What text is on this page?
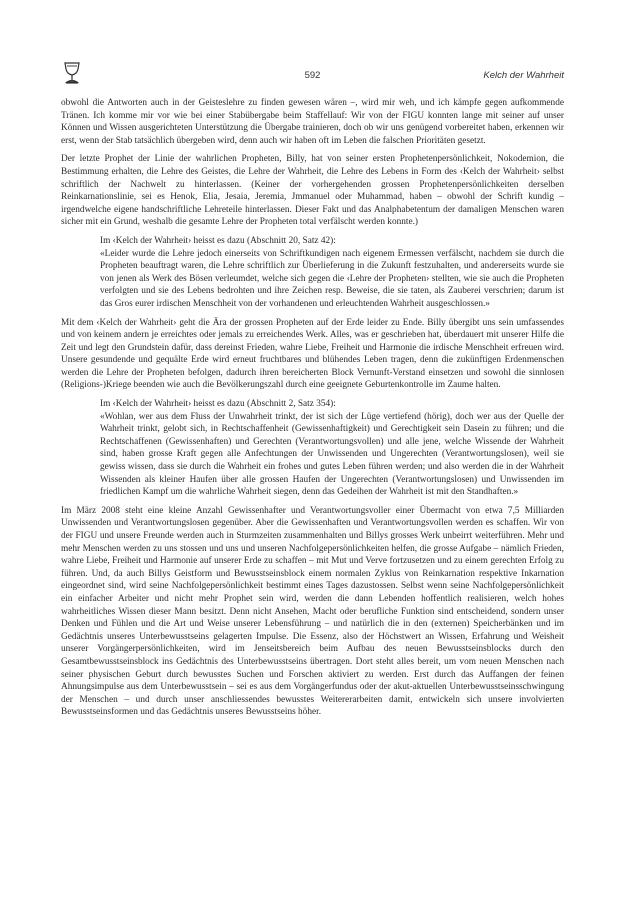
592	Kelch der Wahrheit

obwohl die Antworten auch in der Geisteslehre zu finden gewesen wären –, wird mir weh, und ich kämpfe gegen aufkommende Tränen. Ich komme mir vor wie bei einer Stabübergabe beim Staffellauf: Wir von der FIGU konnten lange mit seiner auf unser Können und Wissen ausgerichteten Unterstützung die Übergabe trainieren, doch ob wir uns genügend vorbereitet haben, erkennen wir erst, wenn der Stab tatsächlich übergeben wird, denn auch wir haben oft im Leben die falschen Prioritäten gesetzt.

Der letzte Prophet der Linie der wahrlichen Propheten, Billy, hat von seiner ersten Prophetenpersönlichkeit, Nokodemion, die Bestimmung erhalten, die Lehre des Geistes, die Lehre der Wahrheit, die Lehre des Lebens in Form des ‹Kelch der Wahrheit› selbst schriftlich der Nachwelt zu hinterlassen. (Keiner der vorhergehenden grossen Prophetenpersönlichkeiten derselben Reinkarnationslinie, sei es Henok, Elia, Jesaia, Jeremia, Jmmanuel oder Muhammad, haben – obwohl der Schrift kundig – irgendwelche eigene handschriftliche Lehreteile hinterlassen. Dieser Fakt und das Analphabetentum der damaligen Menschen waren sicher mit ein Grund, weshalb die gesamte Lehre der Propheten total verfälscht werden konnte.)

Im ‹Kelch der Wahrheit› heisst es dazu (Abschnitt 20, Satz 42):

«Leider wurde die Lehre jedoch einerseits von Schriftkundigen nach eigenem Ermessen verfälscht, nachdem sie durch die Propheten beauftragt waren, die Lehre schriftlich zur Überlieferung in die Zukunft festzuhalten, und andererseits wurde sie von jenen als Werk des Bösen verleumdet, welche sich gegen die ‹Lehre der Propheten› stellten, wie sie auch die Propheten verfolgten und sie des Lebens bedrohten und ihre Zeichen resp. Beweise, die sie taten, als Zauberei verschrien; darum ist das Gros eurer irdischen Menschheit von der vorhandenen und erleuchtenden Wahrheit ausgeschlossen.»

Mit dem ‹Kelch der Wahrheit› geht die Ära der grossen Propheten auf der Erde leider zu Ende. Billy übergibt uns sein umfassendes und von keinem andern je erreichtes oder jemals zu erreichendes Werk. Alles, was er geschrieben hat, überdauert mit unserer Hilfe die Zeit und legt den Grundstein dafür, dass dereinst Frieden, wahre Liebe, Freiheit und Harmonie die irdische Menschheit erfreuen wird. Unsere gesundende und gequälte Erde wird erneut fruchtbares und blühendes Leben tragen, denn die zukünftigen Erdenmenschen werden die Lehre der Propheten befolgen, dadurch ihren bereicherten Block Vernunft-Verstand einsetzen und sowohl die sinnlosen (Religions-)Kriege beenden wie auch die Bevölkerungszahl durch eine geeignete Geburtenkontrolle im Zaume halten.

Im ‹Kelch der Wahrheit› heisst es dazu (Abschnitt 2, Satz 354):

«Wohlan, wer aus dem Fluss der Unwahrheit trinkt, der ist sich der Lüge vertiefend (hörig), doch wer aus der Quelle der Wahrheit trinkt, gelobt sich, in Rechtschaffenheit (Gewissenhaftigkeit) und Gerechtigkeit sein Dasein zu führen; und die Rechtschaffenen (Gewissenhaften) und Gerechten (Verantwortungsvollen) und alle jene, welche Wissende der Wahrheit sind, haben grosse Kraft gegen alle Anfechtungen der Unwissenden und Ungerechten (Verantwortungslosen), weil sie gewiss wissen, dass sie durch die Wahrheit ein frohes und gutes Leben führen werden; und also werden die in der Wahrheit Wissenden als kleiner Haufen über alle grossen Haufen der Ungerechten (Verantwortungslosen) und Unwissenden im friedlichen Kampf um die wahrliche Wahrheit siegen, denn das Gedeihen der Wahrheit ist mit den Standhaften.»

Im März 2008 steht eine kleine Anzahl Gewissenhafter und Verantwortungsvoller einer Übermacht von etwa 7,5 Milliarden Unwissenden und Verantwortungslosen gegenüber. Aber die Gewissenhaften und Verantwortungsvollen werden es schaffen. Wir von der FIGU und unsere Freunde werden auch in Sturmzeiten zusammenhalten und Billys grosses Werk unbeirrt weiterführen. Mehr und mehr Menschen werden zu uns stossen und uns und unseren Nachfolgepersönlichkeiten helfen, die grosse Aufgabe – nämlich Frieden, wahre Liebe, Freiheit und Harmonie auf unserer Erde zu schaffen – mit Mut und Verve fortzusetzen und zu einem gerechten Erfolg zu führen. Und, da auch Billys Geistform und Bewusstseinsblock einem normalen Zyklus von Reinkarnation respektive Inkarnation eingeordnet sind, wird seine Nachfolgepersönlichkeit bestimmt eines Tages dazustossen. Selbst wenn seine Nachfolgepersönlichkeit ein einfacher Arbeiter und nicht mehr Prophet sein wird, werden die dann Lebenden hoffentlich realisieren, welch hohes wahrheitliches Wissen dieser Mann besitzt. Denn nicht Ansehen, Macht oder berufliche Funktion sind entscheidend, sondern unser Denken und Fühlen und die Art und Weise unserer Lebensführung – und natürlich die in den (externen) Speicherbänken und im Gedächtnis unseres Unterbewusstseins gelagerten Impulse. Die Essenz, also der Höchstwert an Wissen, Erfahrung und Weisheit unserer Vorgängerpersönlichkeiten, wird im Jenseitsbereich beim Aufbau des neuen Bewusstseinsblocks durch den Gesamtbewusstseinsblock ins Gedächtnis des Unterbewusstseins übertragen. Dort steht alles bereit, um vom neuen Menschen nach seiner physischen Geburt durch bewusstes Suchen und Forschen aktiviert zu werden. Erst durch das Auffangen der feinen Ahnungsimpulse aus dem Unterbewusstsein – sei es aus dem Vorgängerfundus oder der akut-aktuellen Unterbewusstseinsschwingung der Menschen – und durch unser anschliessendes bewusstes Weitererarbeiten damit, entwickeln sich unsere involvierten Bewusstseinsformen und das Gedächtnis unseres Bewusstseins höher.
